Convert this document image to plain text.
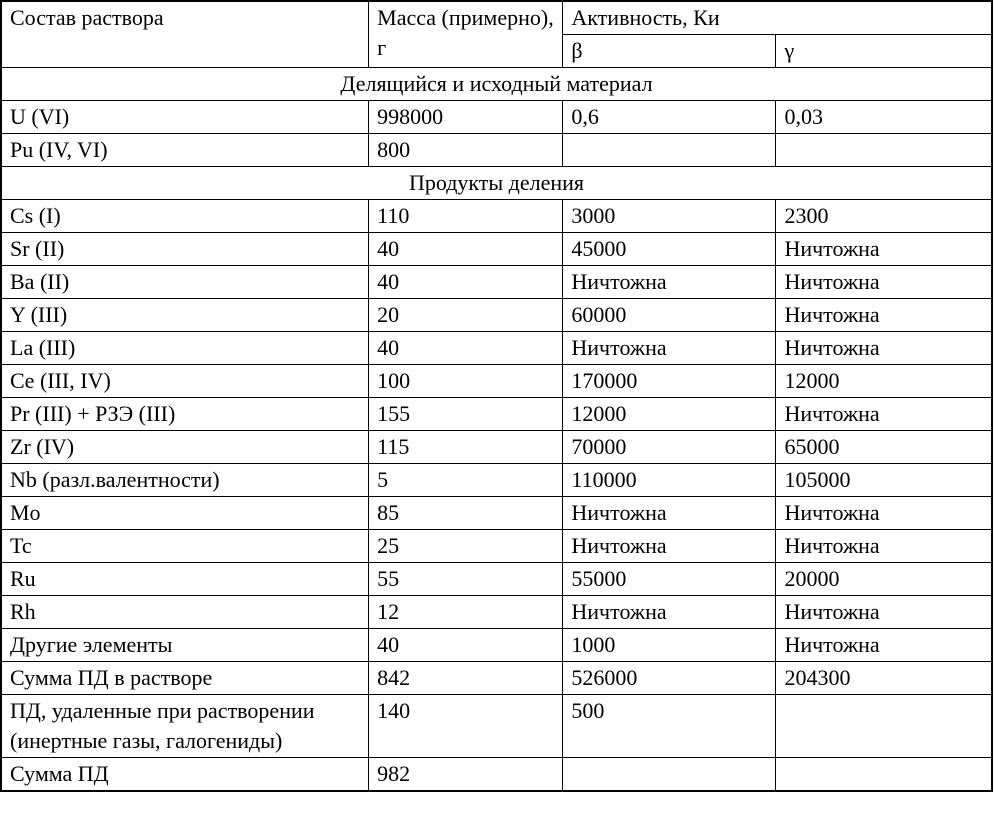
Состав раствора	Масса (примерно), г	Активность, Ки	
		β	γ
Делящийся и исходный материал			
U (VI)	998000	0,6	0,03
Pu (IV, VI)	800		
Продукты деления			
Cs (I)	110	3000	2300
Sr (II)	40	45000	Ничтожна
Ba (II)	40	Ничтожна	Ничтожна
Y (III)	20	60000	Ничтожна
La (III)	40	Ничтожна	Ничтожна
Ce (III, IV)	100	170000	12000
Pr (III) + РЗЭ (III)	155	12000	Ничтожна
Zr (IV)	115	70000	65000
Nb (разл.валентности)	5	110000	105000
Mo	85	Ничтожна	Ничтожна
Tc	25	Ничтожна	Ничтожна
Ru	55	55000	20000
Rh	12	Ничтожна	Ничтожна
Другие элементы	40	1000	Ничтожна
Сумма ПД в растворе	842	526000	204300
ПД, удаленные при растворении (инертные газы, галогениды)	140	500	
Сумма ПД	982		
